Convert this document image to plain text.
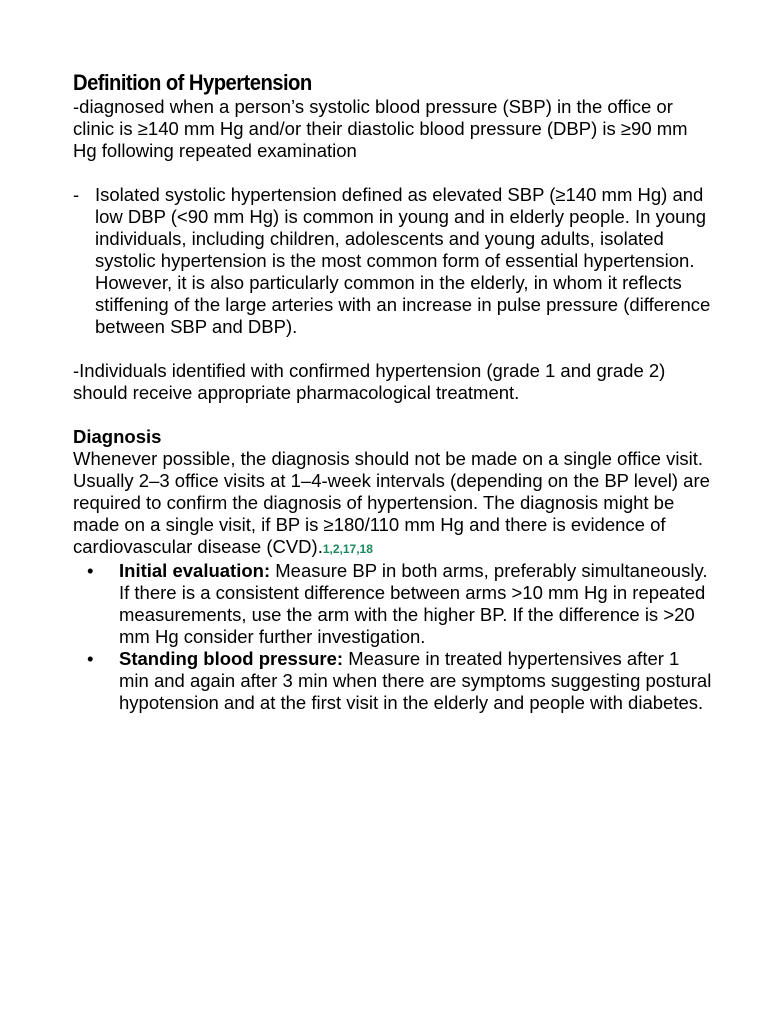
Definition of Hypertension

-diagnosed when a person’s systolic blood pressure (SBP) in the office or clinic is ≥140 mm Hg and/or their diastolic blood pressure (DBP) is ≥90 mm Hg following repeated examination

- Isolated systolic hypertension defined as elevated SBP (≥140 mm Hg) and low DBP (<90 mm Hg) is common in young and in elderly people. In young individuals, including children, adolescents and young adults, isolated systolic hypertension is the most common form of essential hypertension. However, it is also particularly common in the elderly, in whom it reflects stiffening of the large arteries with an increase in pulse pressure (difference between SBP and DBP).

-Individuals identified with confirmed hypertension (grade 1 and grade 2) should receive appropriate pharmacological treatment.

Diagnosis

Whenever possible, the diagnosis should not be made on a single office visit. Usually 2–3 office visits at 1–4-week intervals (depending on the BP level) are required to confirm the diagnosis of hypertension. The diagnosis might be made on a single visit, if BP is ≥180/110 mm Hg and there is evidence of cardiovascular disease (CVD).1,2,17,18

•	Initial evaluation: Measure BP in both arms, preferably simultaneously. If there is a consistent difference between arms >10 mm Hg in repeated measurements, use the arm with the higher BP. If the difference is >20 mm Hg consider further investigation.
•	Standing blood pressure: Measure in treated hypertensives after 1 min and again after 3 min when there are symptoms suggesting postural hypotension and at the first visit in the elderly and people with diabetes.
